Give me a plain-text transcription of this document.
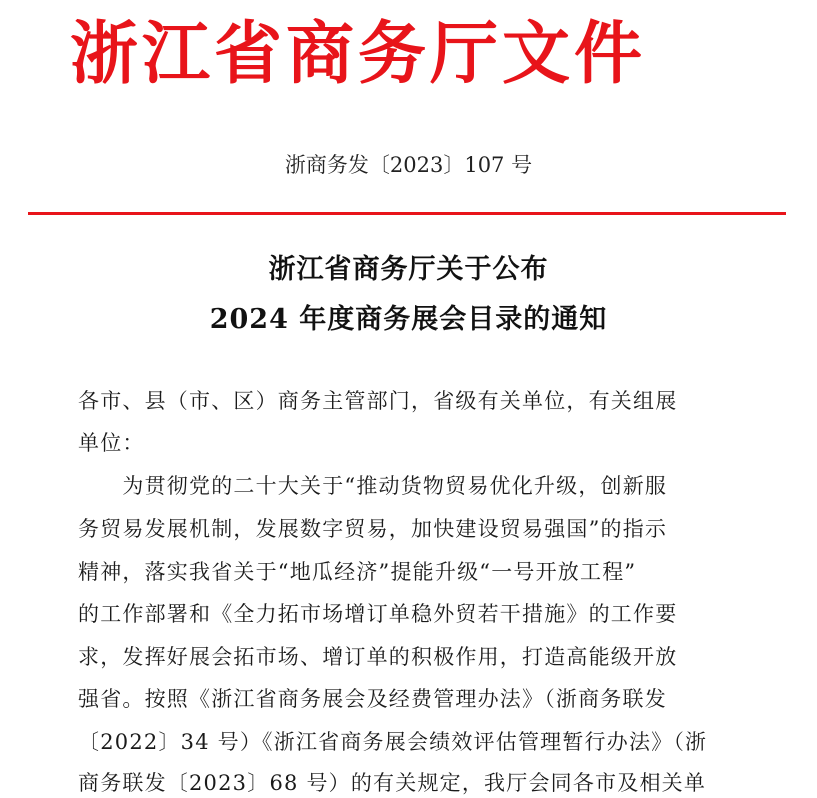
浙江省商务厅文件
浙商务发〔2023〕107 号
浙江省商务厅关于公布
2024 年度商务展会目录的通知
各市、县（市、区）商务主管部门，省级有关单位，有关组展
单位：
　　为贯彻党的二十大关于“推动货物贸易优化升级，创新服
务贸易发展机制，发展数字贸易，加快建设贸易强国”的指示
精神，落实我省关于“地瓜经济”提能升级“一号开放工程”
的工作部署和《全力拓市场增订单稳外贸若干措施》的工作要
求，发挥好展会拓市场、增订单的积极作用，打造高能级开放
强省。按照《浙江省商务展会及经费管理办法》（浙商务联发
〔2022〕34 号）《浙江省商务展会绩效评估管理暂行办法》（浙
商务联发〔2023〕68 号）的有关规定，我厅会同各市及相关单
